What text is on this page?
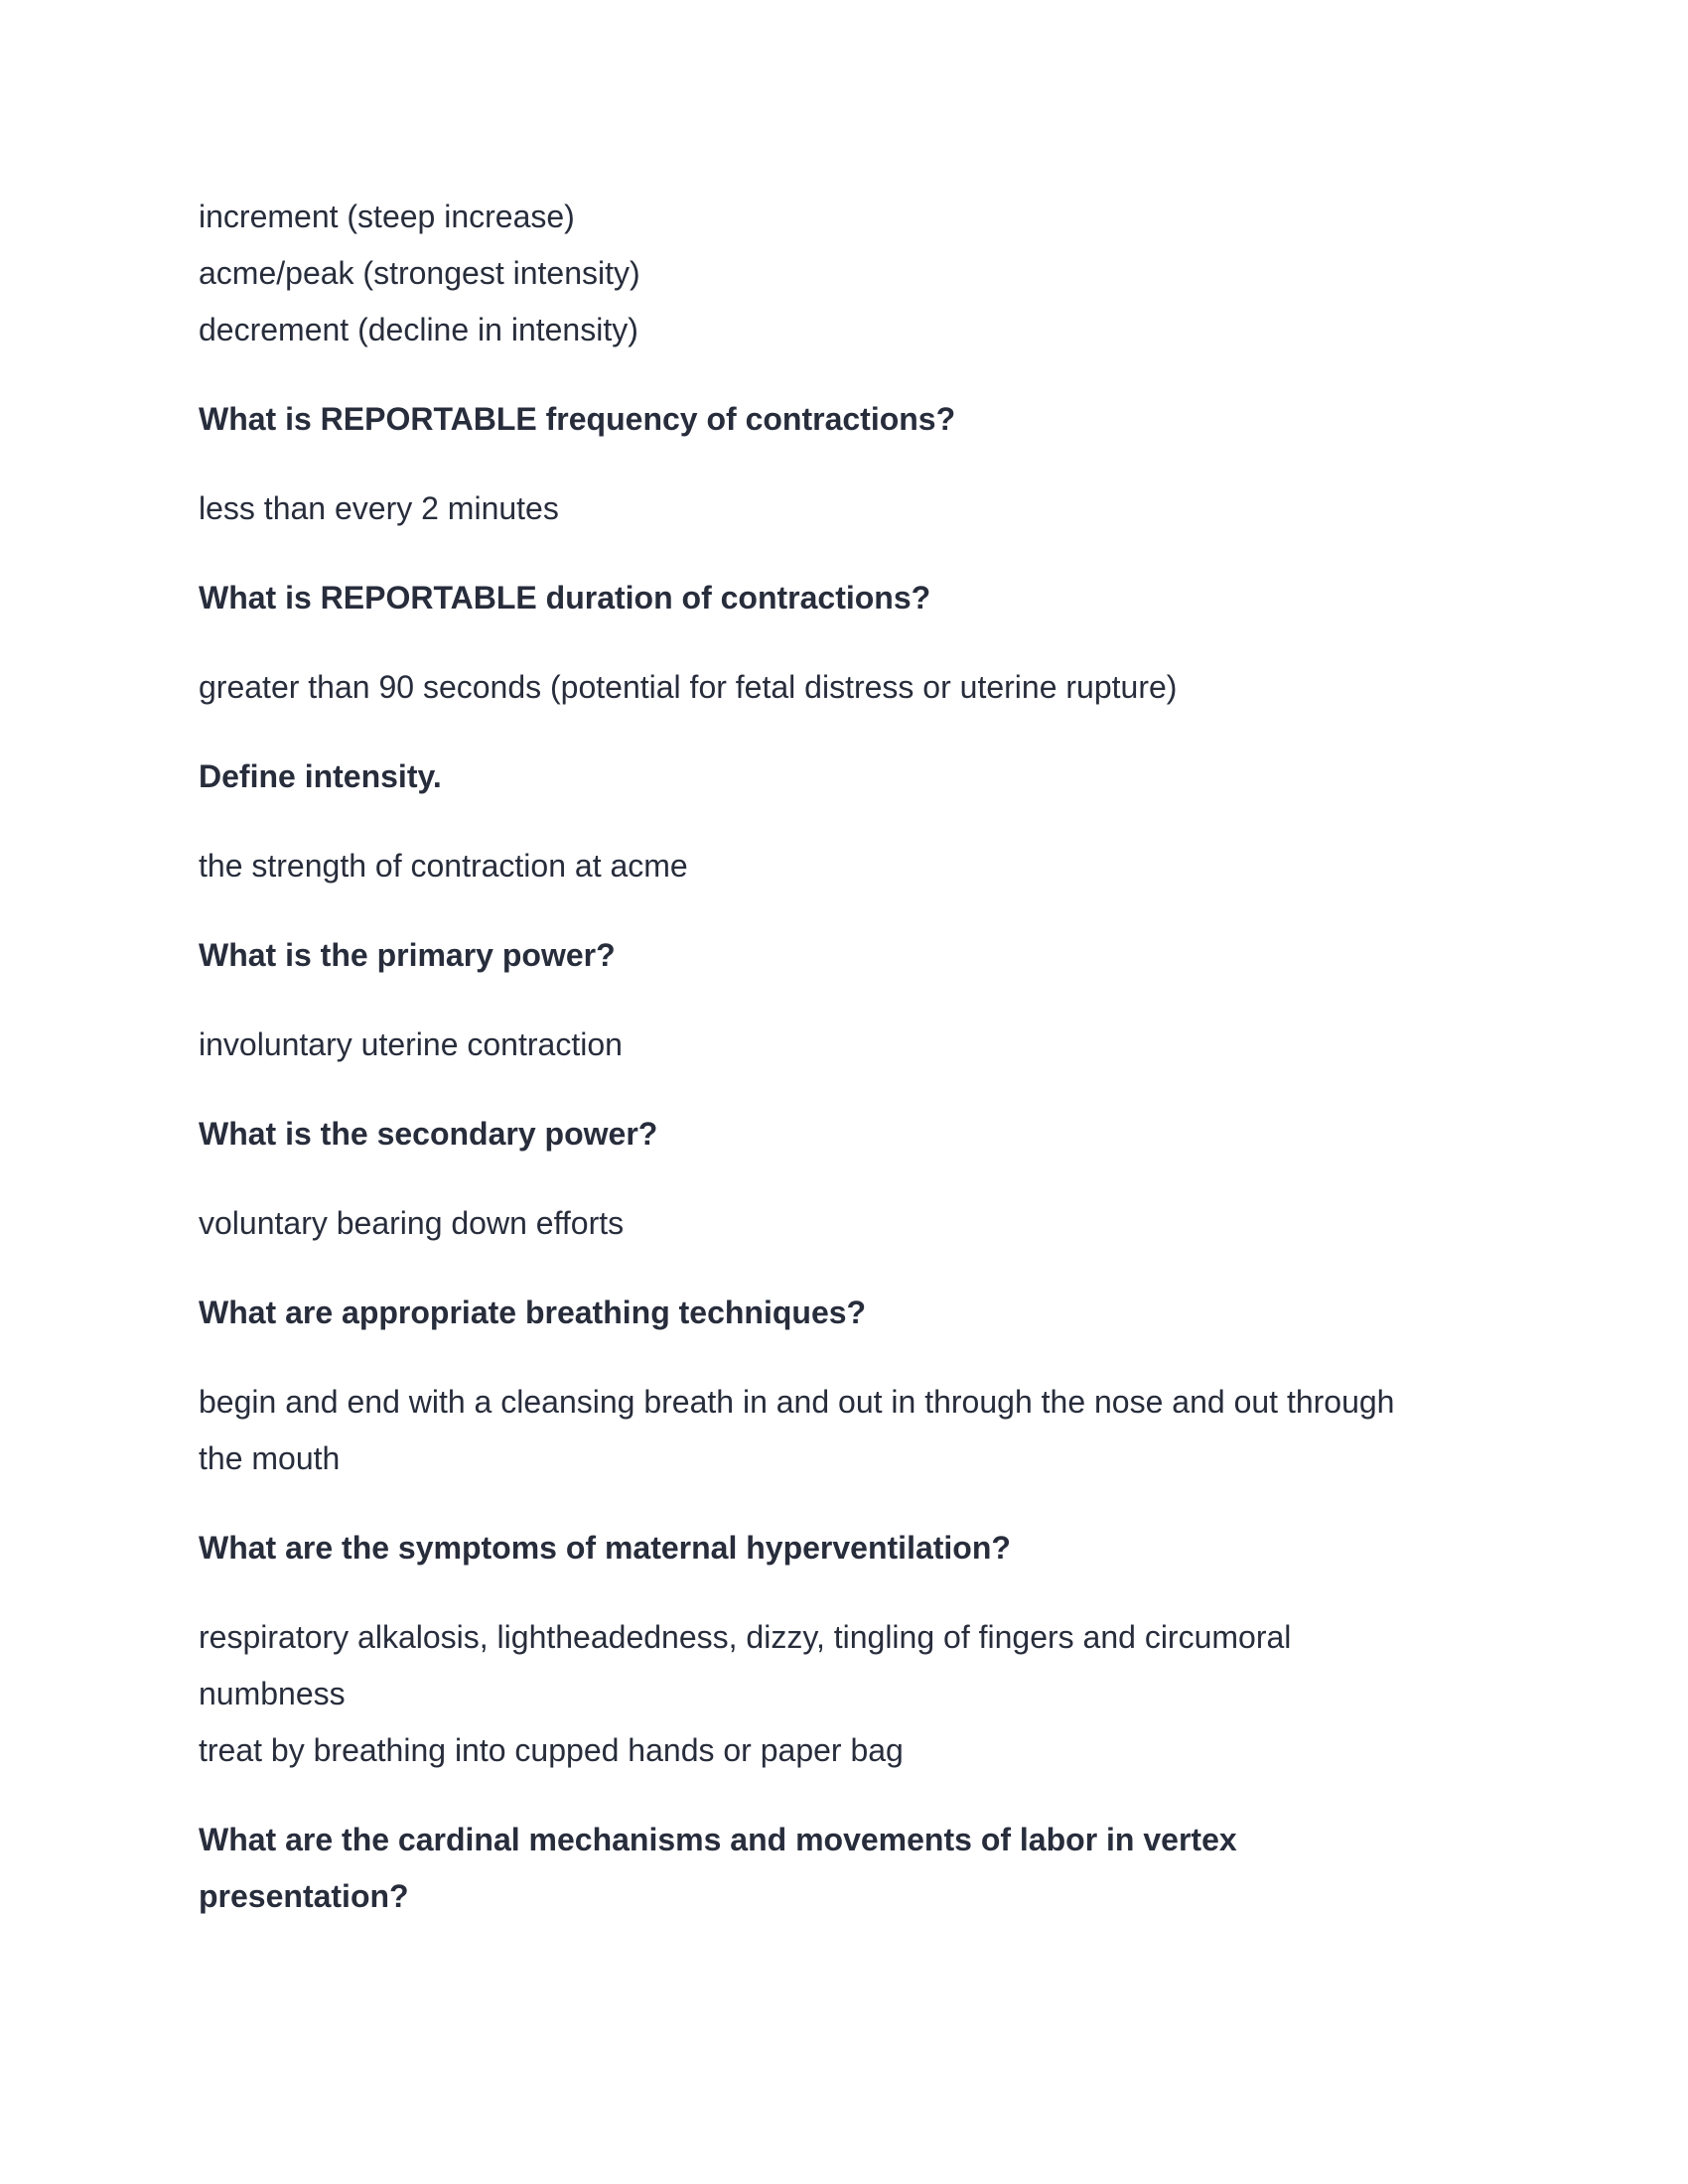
increment (steep increase)
acme/peak (strongest intensity)
decrement (decline in intensity)
What is REPORTABLE frequency of contractions?
less than every 2 minutes
What is REPORTABLE duration of contractions?
greater than 90 seconds (potential for fetal distress or uterine rupture)
Define intensity.
the strength of contraction at acme
What is the primary power?
involuntary uterine contraction
What is the secondary power?
voluntary bearing down efforts
What are appropriate breathing techniques?
begin and end with a cleansing breath in and out in through the nose and out through
the mouth
What are the symptoms of maternal hyperventilation?
respiratory alkalosis, lightheadedness, dizzy, tingling of fingers and circumoral
numbness
treat by breathing into cupped hands or paper bag
What are the cardinal mechanisms and movements of labor in vertex
presentation?
